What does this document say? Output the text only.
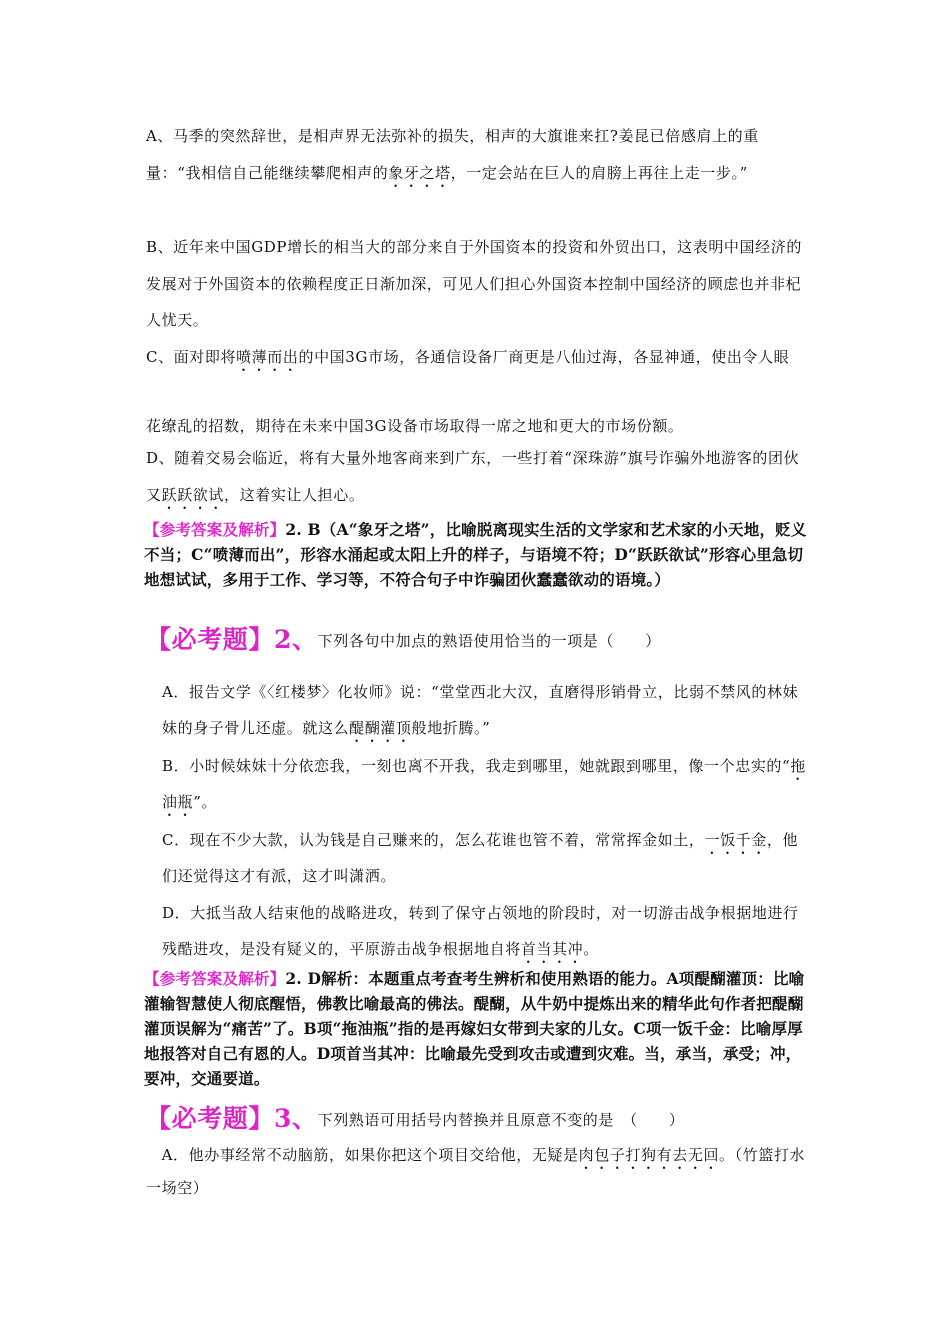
A、马季的突然辞世，是相声界无法弥补的损失，相声的大旗谁来扛?姜昆已倍感肩上的重量：“我相信自己能继续攀爬相声的象牙之塔，一定会站在巨人的肩膀上再往上走一步。”
B、近年来中国GDP增长的相当大的部分来自于外国资本的投资和外贸出口，这表明中国经济的发展对于外国资本的依赖程度正日渐加深，可见人们担心外国资本控制中国经济的顾虑也并非杞人忧天。
C、面对即将喷薄而出的中国3G市场，各通信设备厂商更是八仙过海，各显神通，使出令人眼
花缭乱的招数，期待在未来中国3G设备市场取得一席之地和更大的市场份额。
D、随着交易会临近，将有大量外地客商来到广东，一些打着“深珠游”旗号诈骗外地游客的团伙又跃跃欲试，这着实让人担心。
【参考答案及解析】2. B（A“象牙之塔”，比喻脱离现实生活的文学家和艺术家的小天地，贬义不当；C“喷薄而出”，形容水涌起或太阳上升的样子，与语境不符；D“跃跃欲试”形容心里急切地想试试，多用于工作、学习等，不符合句子中诈骗团伙蠢蠢欲动的语境。）
【必考题】2、下列各句中加点的熟语使用恰当的一项是（　　）
A．报告文学《〈红楼梦〉化妆师》说：“堂堂西北大汉，直磨得形销骨立，比弱不禁风的林妹妹的身子骨儿还虚。就这么醍醐灌顶般地折腾。”
B．小时候妹妹十分依恋我，一刻也离不开我，我走到哪里，她就跟到哪里，像一个忠实的“拖油瓶”。
C．现在不少大款，认为钱是自己赚来的，怎么花谁也管不着，常常挥金如土，一饭千金，他们还觉得这才有派，这才叫潇洒。
D．大抵当敌人结束他的战略进攻，转到了保守占领地的阶段时，对一切游击战争根据地进行残酷进攻，是没有疑义的，平原游击战争根据地自将首当其冲。
【参考答案及解析】2. D解析：本题重点考查考生辨析和使用熟语的能力。A项醍醐灌顶：比喻灌输智慧使人彻底醒悟，佛教比喻最高的佛法。醍醐，从牛奶中提炼出来的精华此句作者把醍醐灌顶误解为“痛苦”了。B项“拖油瓶”指的是再嫁妇女带到夫家的儿女。C项一饭千金：比喻厚厚地报答对自己有恩的人。D项首当其冲：比喻最先受到攻击或遭到灾难。当，承当，承受；冲，要冲，交通要道。
【必考题】3、下列熟语可用括号内替换并且原意不变的是　（　　）
　A．他办事经常不动脑筋，如果你把这个项目交给他，无疑是肉包子打狗有去无回。（竹篮打水一场空）
